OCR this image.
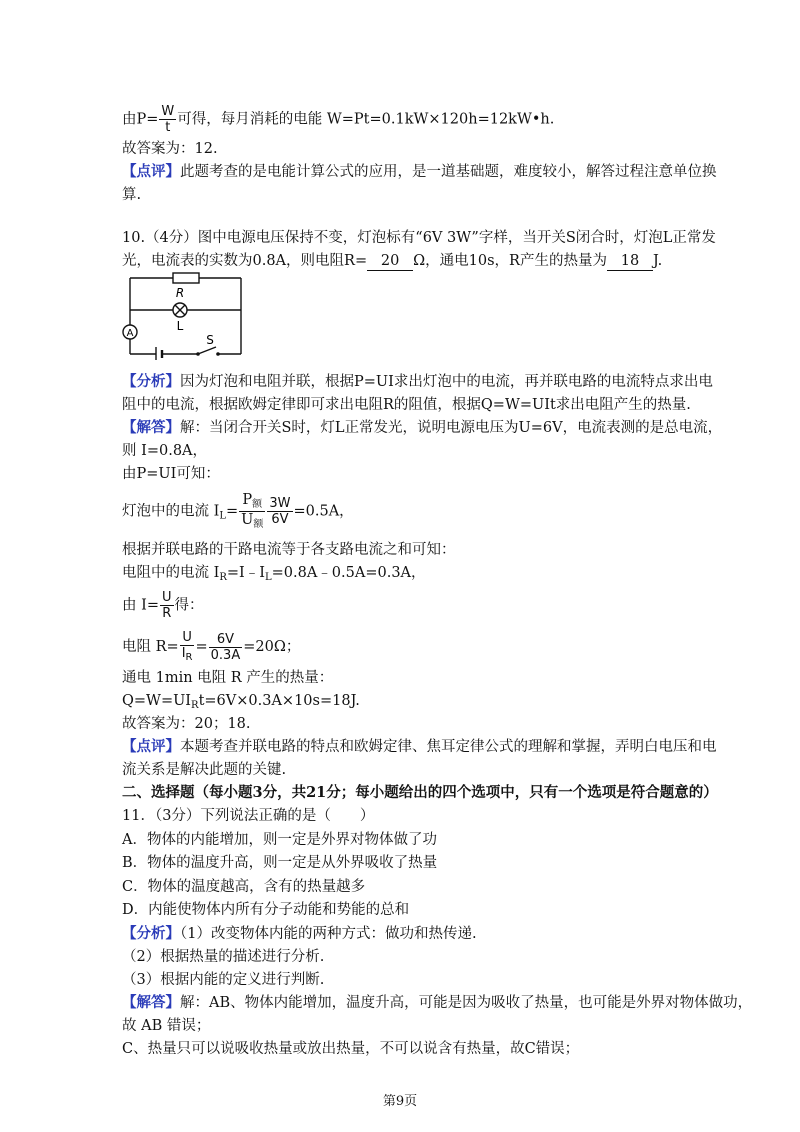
由$P= \frac{W}{t}$ 可得，每月消耗的电能 W=Pt=0.1kW×120h=12kW•h.
故答案为：12.
【点评】此题考查的是电能计算公式的应用，是一道基础题，难度较小，解答过程注意单位换
算.
10.（4分）图中电源电压保持不变，灯泡标有“6V 3W”字样，当开关S闭合时，灯泡L正常发
光，电流表的实数为0.8A，则电阻R= 20 Ω，通电10s，R产生的热量为 18 J.
R
L
A	S
【分析】因为灯泡和电阻并联，根据P=UI求出灯泡中的电流，再并联电路的电流特点求出电
阻中的电流，根据欧姆定律即可求出电阻R的阻值，根据Q=W=UIt求出电阻产生的热量.
【解答】解：当闭合开关S时，灯L正常发光，说明电源电压为U=6V，电流表测的是总电流，
则 I=0.8A，
由P=UI可知：
灯泡中的电流 $I_L= \frac{P_额}{U_额} \frac{3W}{6V} =0.5A$，
根据并联电路的干路电流等于各支路电流之和可知：
电阻中的电流 $I_R=I﹣I_L=0.8A﹣0.5A=0.3A$，
由 $I= \frac{U}{R}$ 得：
电阻 $R= \frac{U}{I_R} = \frac{6V}{0.3A} =20\Omega$；
通电 1min 电阻 R 产生的热量：
$Q=W=UI_Rt=6V\times 0.3A\times 10s=18J$.
故答案为：20；18.
【点评】本题考查并联电路的特点和欧姆定律、焦耳定律公式的理解和掌握，弄明白电压和电
流关系是解决此题的关键.
二、选择题（每小题3分，共21分；每小题给出的四个选项中，只有一个选项是符合题意的）
11．（3分）下列说法正确的是（　　）
A．物体的内能增加，则一定是外界对物体做了功
B．物体的温度升高，则一定是从外界吸收了热量
C．物体的温度越高，含有的热量越多
D．内能使物体内所有分子动能和势能的总和
【分析】（1）改变物体内能的两种方式：做功和热传递.
（2）根据热量的描述进行分析.
（3）根据内能的定义进行判断.
【解答】解：AB、物体内能增加，温度升高，可能是因为吸收了热量，也可能是外界对物体做功，
故 AB 错误；
C、热量只可以说吸收热量或放出热量，不可以说含有热量，故C错误；
第9页
